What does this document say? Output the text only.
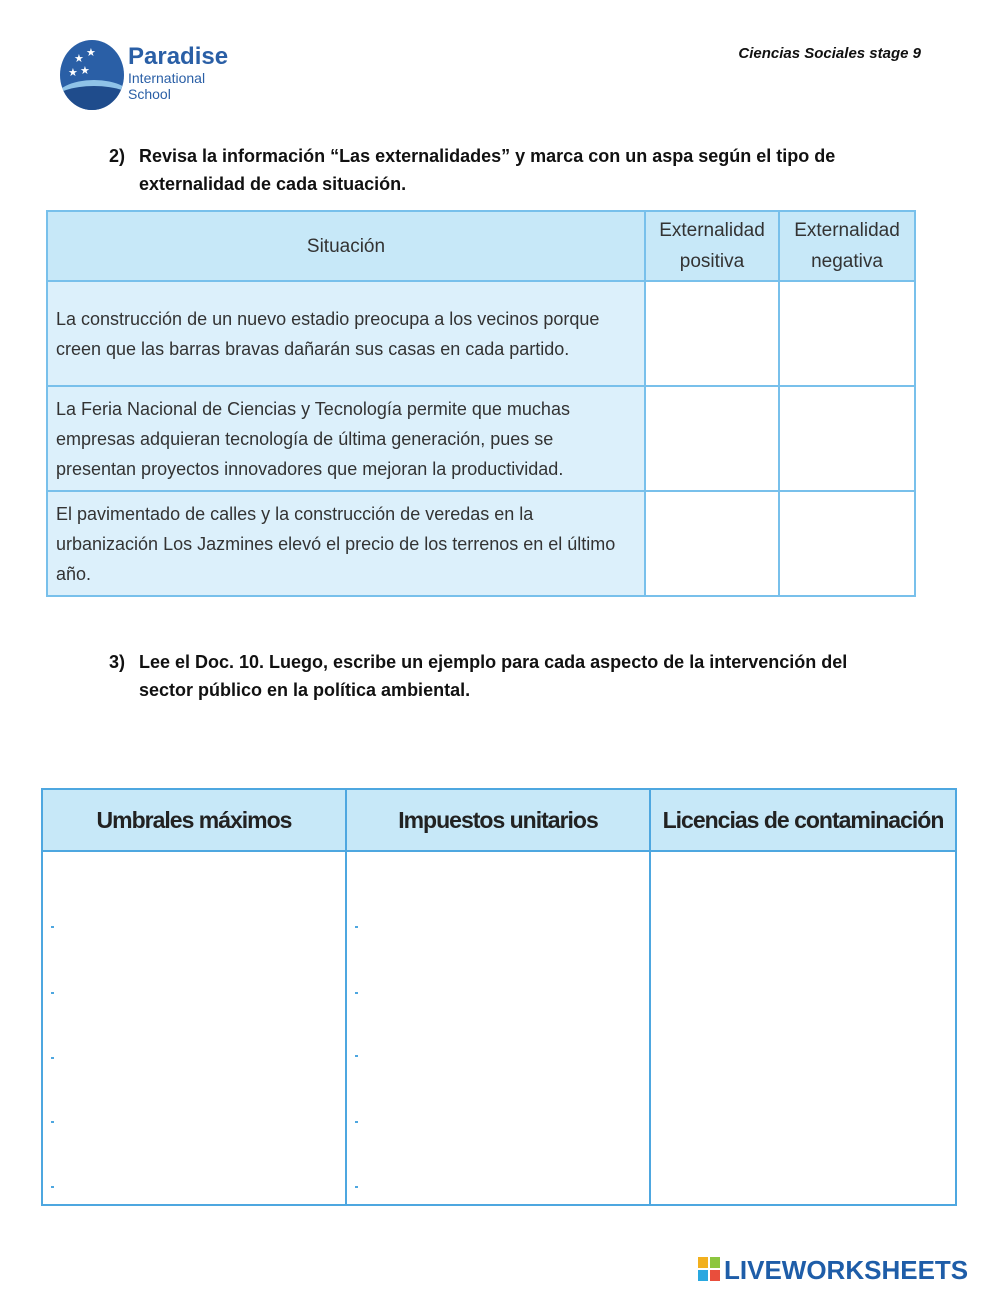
★ ★
★ ★
Paradise
International
School
Ciencias Sociales stage 9
2) Revisa la información “Las externalidades” y marca con un aspa según el tipo de externalidad de cada situación.
Situación	Externalidad positiva	Externalidad negativa
La construcción de un nuevo estadio preocupa a los vecinos porque creen que las barras bravas dañarán sus casas en cada partido.		
La Feria Nacional de Ciencias y Tecnología permite que muchas empresas adquieran tecnología de última generación, pues se presentan proyectos innovadores que mejoran la productividad.		
El pavimentado de calles y la construcción de veredas en la urbanización Los Jazmines elevó el precio de los terrenos en el último año.		
3) Lee el Doc. 10. Luego, escribe un ejemplo para cada aspecto de la intervención del sector público en la política ambiental.
Umbrales máximos	Impuestos unitarios	Licencias de contaminación

LIVEWORKSHEETS
